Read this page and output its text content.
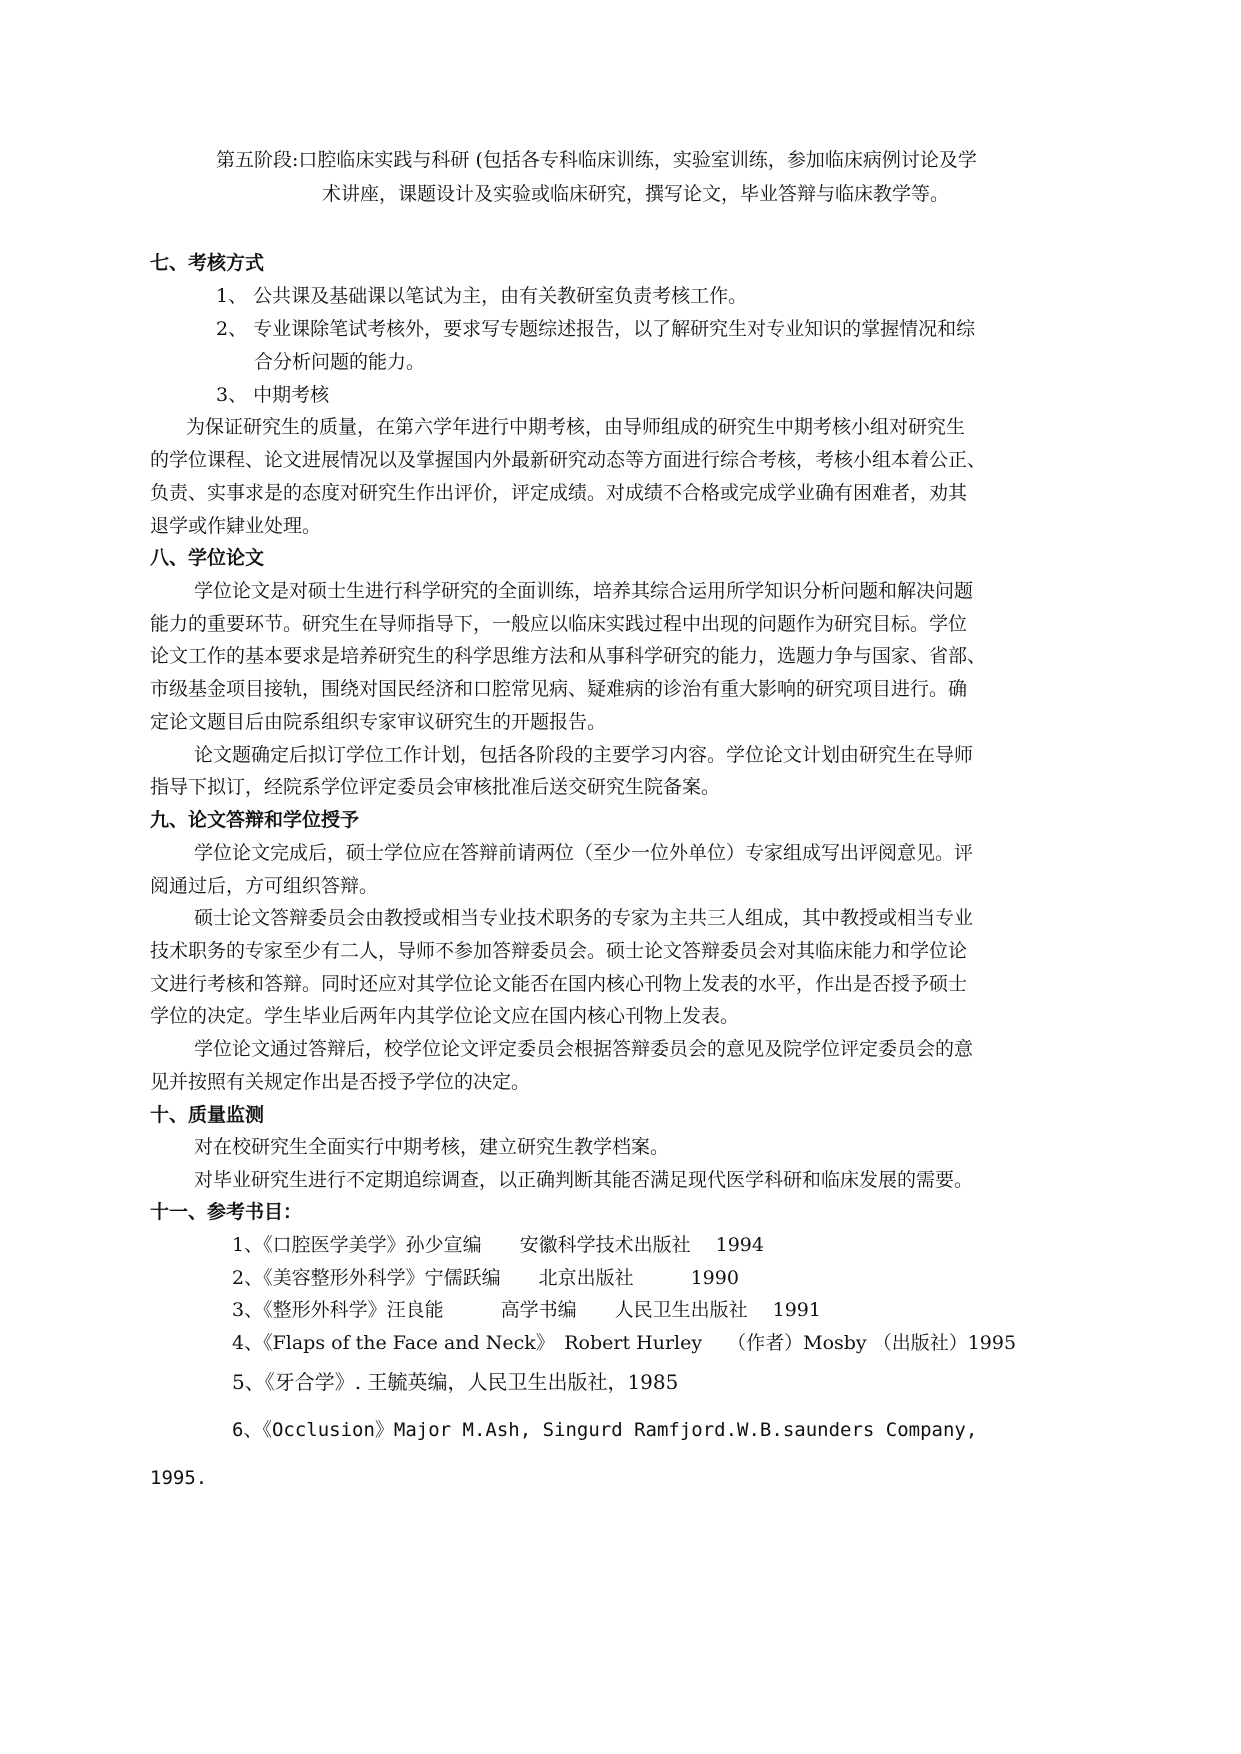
第五阶段:口腔临床实践与科研 (包括各专科临床训练，实验室训练，参加临床病例讨论及学
术讲座，课题设计及实验或临床研究，撰写论文，毕业答辩与临床教学等。
七、考核方式
1、 公共课及基础课以笔试为主，由有关教研室负责考核工作。
2、 专业课除笔试考核外，要求写专题综述报告，以了解研究生对专业知识的掌握情况和综
合分析问题的能力。
3、 中期考核
为保证研究生的质量，在第六学年进行中期考核，由导师组成的研究生中期考核小组对研究生
的学位课程、论文进展情况以及掌握国内外最新研究动态等方面进行综合考核，考核小组本着公正、
负责、实事求是的态度对研究生作出评价，评定成绩。对成绩不合格或完成学业确有困难者，劝其
退学或作肄业处理。
八、学位论文
学位论文是对硕士生进行科学研究的全面训练，培养其综合运用所学知识分析问题和解决问题
能力的重要环节。研究生在导师指导下，一般应以临床实践过程中出现的问题作为研究目标。学位
论文工作的基本要求是培养研究生的科学思维方法和从事科学研究的能力，选题力争与国家、省部、
市级基金项目接轨，围绕对国民经济和口腔常见病、疑难病的诊治有重大影响的研究项目进行。确
定论文题目后由院系组织专家审议研究生的开题报告。
论文题确定后拟订学位工作计划，包括各阶段的主要学习内容。学位论文计划由研究生在导师
指导下拟订，经院系学位评定委员会审核批准后送交研究生院备案。
九、论文答辩和学位授予
学位论文完成后，硕士学位应在答辩前请两位（至少一位外单位）专家组成写出评阅意见。评
阅通过后，方可组织答辩。
硕士论文答辩委员会由教授或相当专业技术职务的专家为主共三人组成，其中教授或相当专业
技术职务的专家至少有二人，导师不参加答辩委员会。硕士论文答辩委员会对其临床能力和学位论
文进行考核和答辩。同时还应对其学位论文能否在国内核心刊物上发表的水平，作出是否授予硕士
学位的决定。学生毕业后两年内其学位论文应在国内核心刊物上发表。
学位论文通过答辩后，校学位论文评定委员会根据答辩委员会的意见及院学位评定委员会的意
见并按照有关规定作出是否授予学位的决定。
十、质量监测
对在校研究生全面实行中期考核，建立研究生教学档案。
对毕业研究生进行不定期追综调查，以正确判断其能否满足现代医学科研和临床发展的需要。
十一、参考书目：
1、《口腔医学美学》孙少宣编　　安徽科学技术出版社　 1994
2、《美容整形外科学》宁儒跃编　　北京出版社　　　1990
3、《整形外科学》汪良能　　　高学书编　　人民卫生出版社　 1991
4、《Flaps of the Face and Neck》　Robert Hurley　 （作者）Mosby （出版社）1995
5、《牙合学》. 王毓英编，人民卫生出版社，1985
6、《Occlusion》Major M.Ash, Singurd Ramfjord.W.B.saunders Company,
1995.
